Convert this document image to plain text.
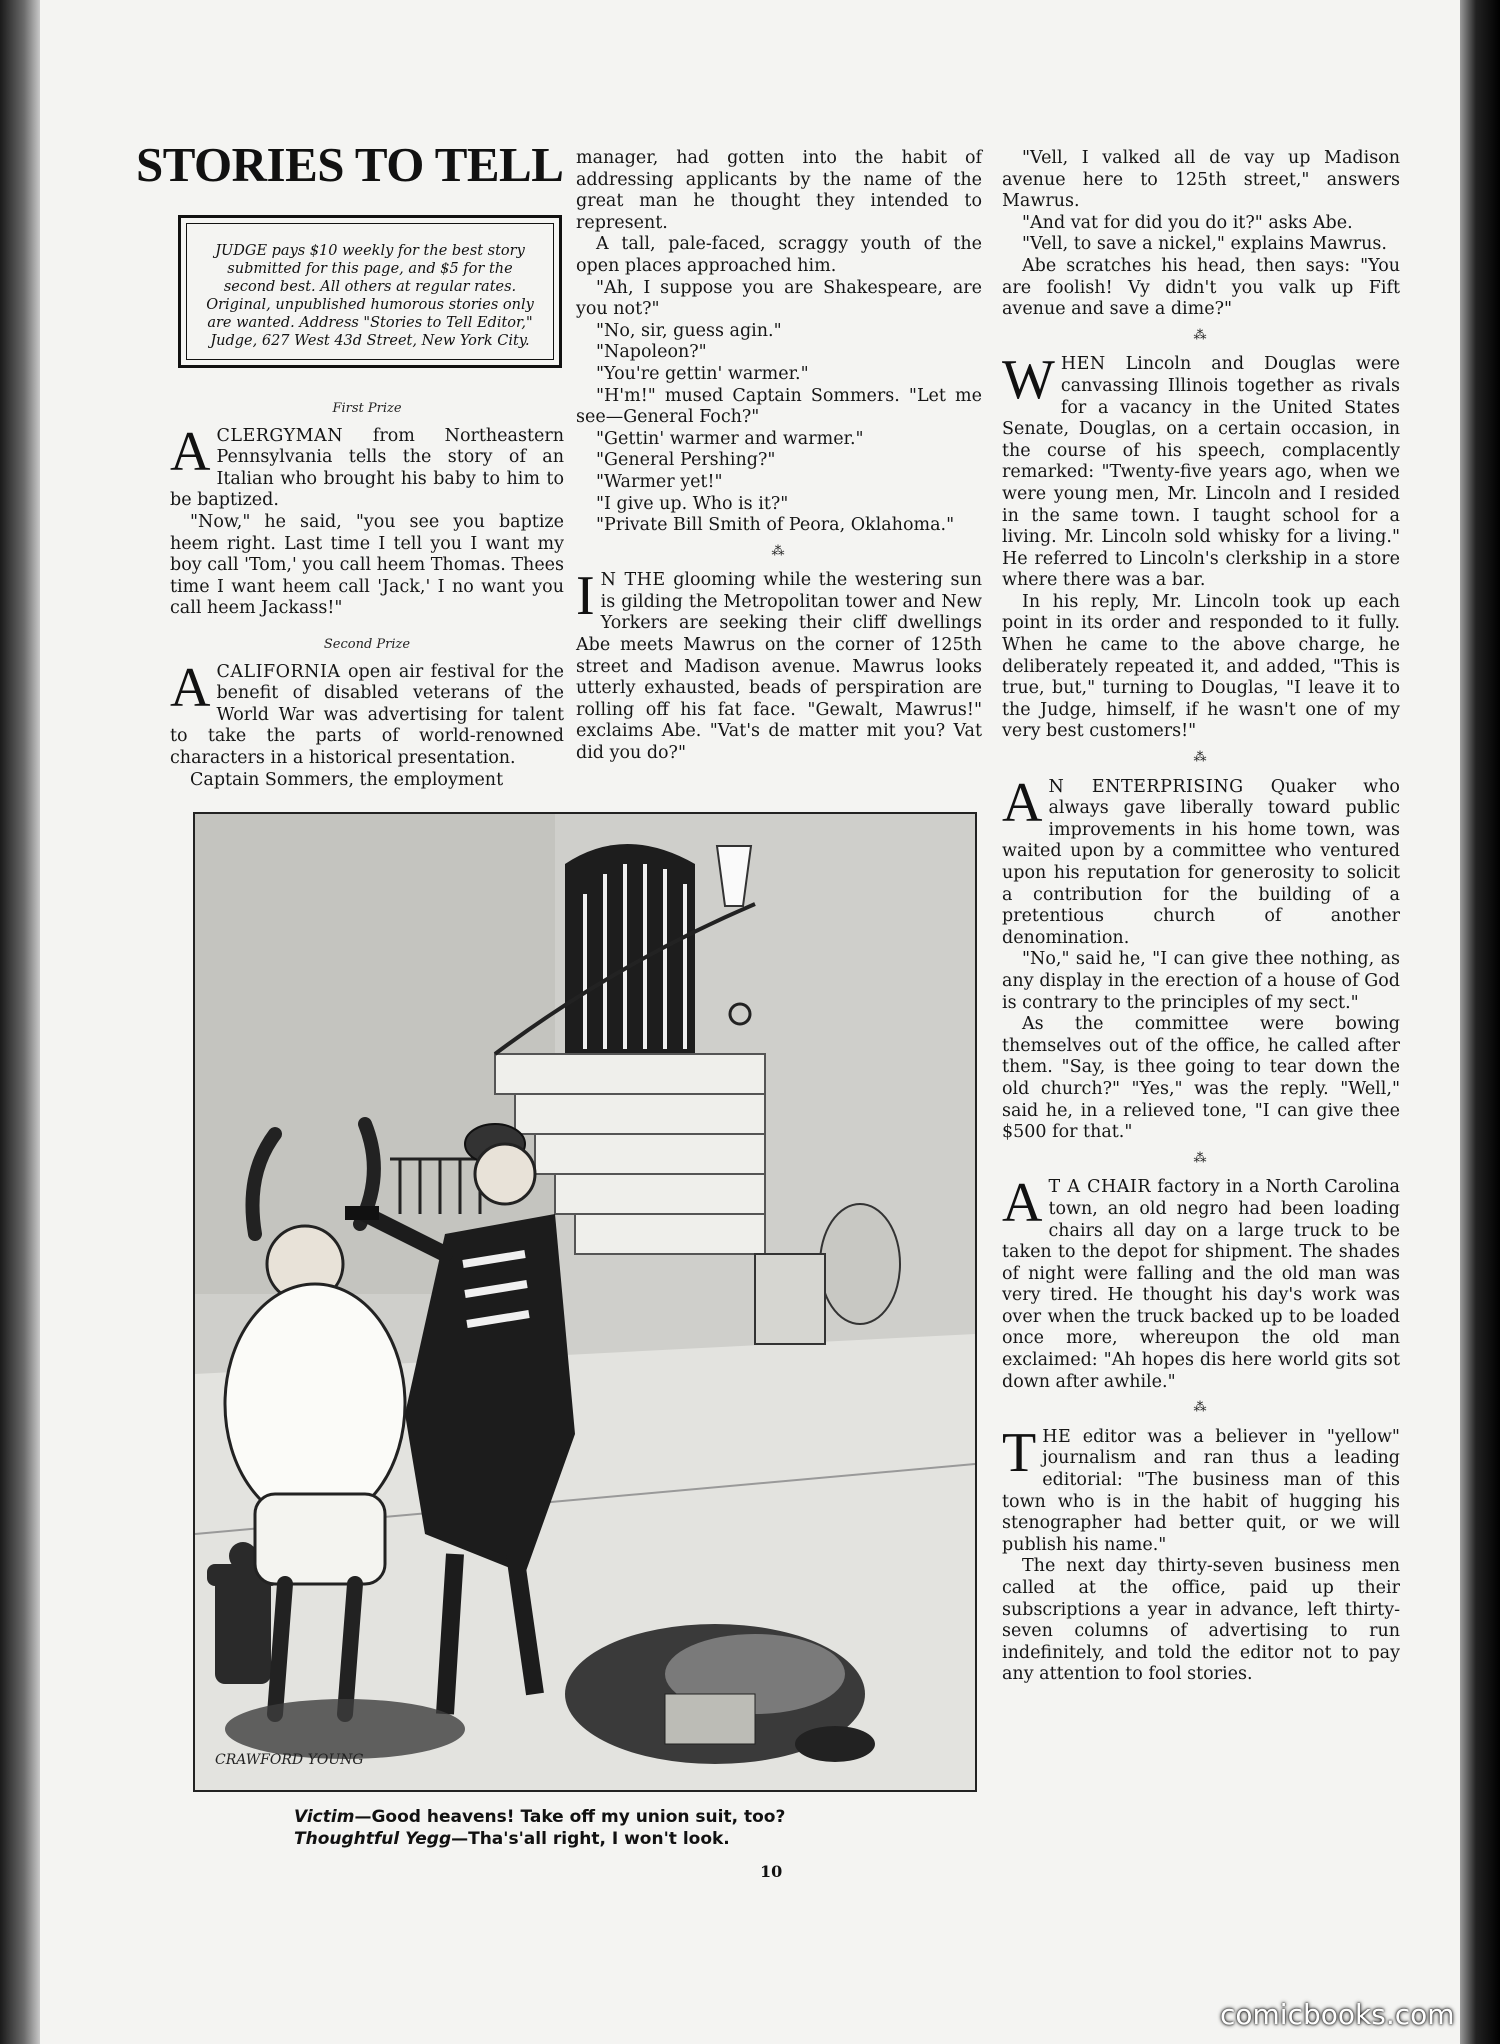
STORIES TO TELL
JUDGE pays $10 weekly for the best story submitted for this page, and $5 for the second best. All others at regular rates. Original, unpublished humorous stories only are wanted. Address "Stories to Tell Editor," Judge, 627 West 43d Street, New York City.
First Prize

ACLERGYMAN from Northeastern Pennsylvania tells the story of an Italian who brought his baby to him to be baptized.

"Now," he said, "you see you baptize heem right. Last time I tell you I want my boy call 'Tom,' you call heem Thomas. Thees time I want heem call 'Jack,' I no want you call heem Jackass!"

Second Prize

ACALIFORNIA open air festival for the benefit of disabled veterans of the World War was advertising for talent to take the parts of world-renowned characters in a historical presentation.

Captain Sommers, the employment

manager, had gotten into the habit of addressing applicants by the name of the great man he thought they intended to represent.

A tall, pale-faced, scraggy youth of the open places approached him.

"Ah, I suppose you are Shakespeare, are you not?"

"No, sir, guess agin."

"Napoleon?"

"You're gettin' warmer."

"H'm!" mused Captain Sommers. "Let me see—General Foch?"

"Gettin' warmer and warmer."

"General Pershing?"

"Warmer yet!"

"I give up. Who is it?"

"Private Bill Smith of Peora, Oklahoma."

⁂

I N THE glooming while the westering sun is gilding the Metropolitan tower and New Yorkers are seeking their cliff dwellings Abe meets Mawrus on the corner of 125th street and Madison avenue. Mawrus looks utterly exhausted, beads of perspiration are rolling off his fat face. "Gewalt, Mawrus!" exclaims Abe. "Vat's de matter mit you? Vat did you do?"

"Vell, I valked all de vay up Madison avenue here to 125th street," answers Mawrus.

"And vat for did you do it?" asks Abe.

"Vell, to save a nickel," explains Mawrus.

Abe scratches his head, then says: "You are foolish! Vy didn't you valk up Fift avenue and save a dime?"

⁂

WHEN Lincoln and Douglas were canvassing Illinois together as rivals for a vacancy in the United States Senate, Douglas, on a certain occasion, in the course of his speech, complacently remarked: "Twenty-five years ago, when we were young men, Mr. Lincoln and I resided in the same town. I taught school for a living. Mr. Lincoln sold whisky for a living." He referred to Lincoln's clerkship in a store where there was a bar.

In his reply, Mr. Lincoln took up each point in its order and responded to it fully. When he came to the above charge, he deliberately repeated it, and added, "This is true, but," turning to Douglas, "I leave it to the Judge, himself, if he wasn't one of my very best customers!"

⁂

A N ENTERPRISING Quaker who always gave liberally toward public improvements in his home town, was waited upon by a committee who ventured upon his reputation for generosity to solicit a contribution for the building of a pretentious church of another denomination.

"No," said he, "I can give thee nothing, as any display in the erection of a house of God is contrary to the principles of my sect."

As the committee were bowing themselves out of the office, he called after them. "Say, is thee going to tear down the old church?" "Yes," was the reply. "Well," said he, in a relieved tone, "I can give thee $500 for that."

⁂

A T A CHAIR factory in a North Carolina town, an old negro had been loading chairs all day on a large truck to be taken to the depot for shipment. The shades of night were falling and the old man was very tired. He thought his day's work was over when the truck backed up to be loaded once more, whereupon the old man exclaimed: "Ah hopes dis here world gits sot down after awhile."

⁂

THE editor was a believer in "yellow" journalism and ran thus a leading editorial: "The business man of this town who is in the habit of hugging his stenographer had better quit, or we will publish his name."

The next day thirty-seven business men called at the office, paid up their subscriptions a year in advance, left thirty-seven columns of advertising to run indefinitely, and told the editor not to pay any attention to fool stories.

CRAWFORD YOUNG
Victim—Good heavens! Take off my union suit, too?
Thoughtful Yegg—Tha's'all right, I won't look.
10
comicbooks.com
